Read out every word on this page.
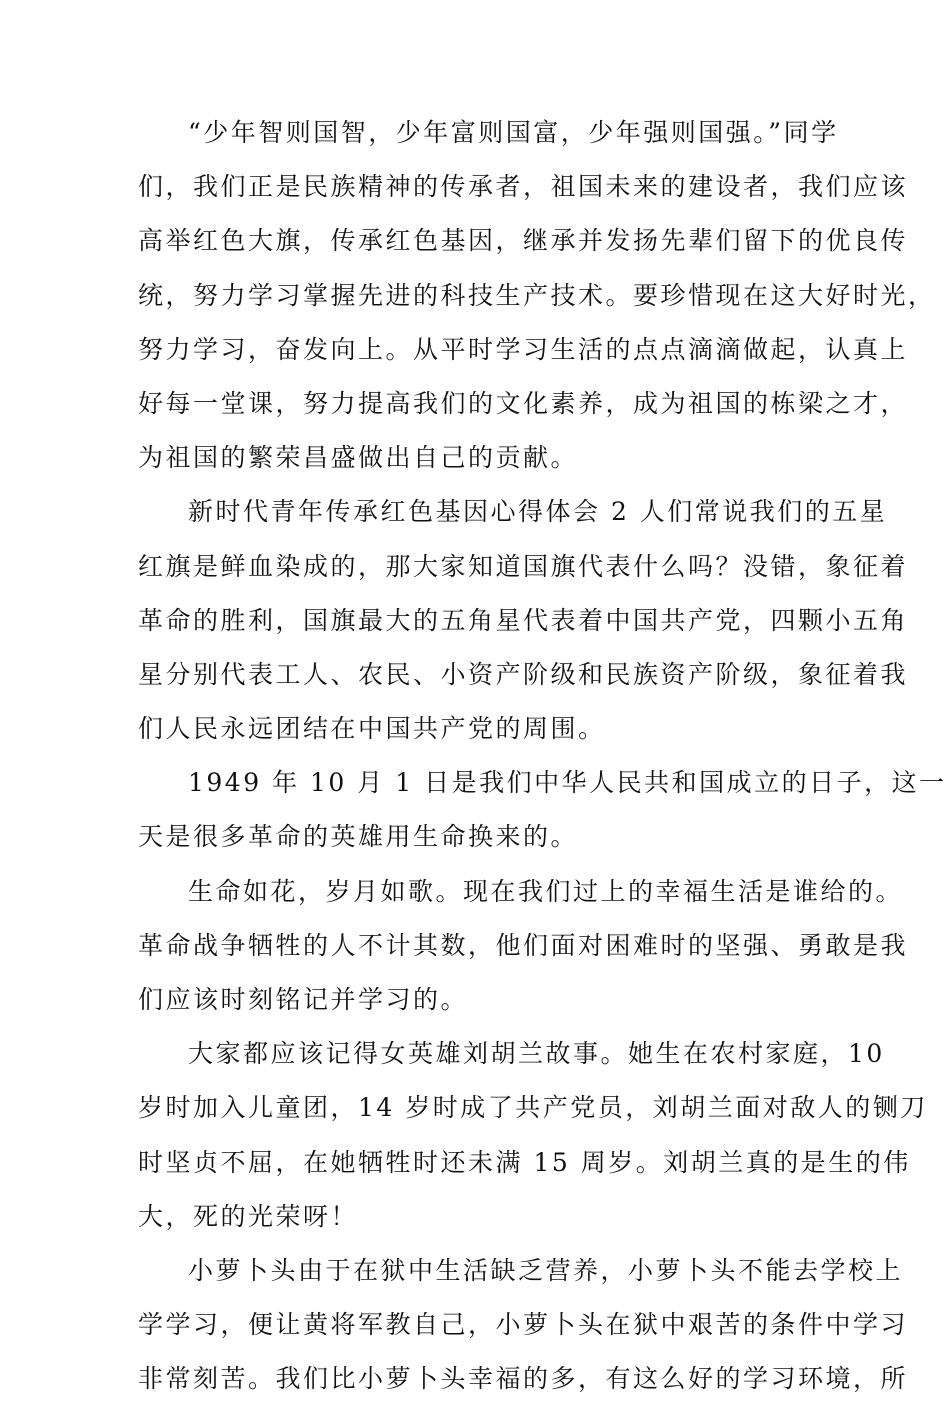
“少年智则国智，少年富则国富，少年强则国强。”同学
们，我们正是民族精神的传承者，祖国未来的建设者，我们应该
高举红色大旗，传承红色基因，继承并发扬先辈们留下的优良传
统，努力学习掌握先进的科技生产技术。要珍惜现在这大好时光，
努力学习，奋发向上。从平时学习生活的点点滴滴做起，认真上
好每一堂课，努力提高我们的文化素养，成为祖国的栋梁之才，
为祖国的繁荣昌盛做出自己的贡献。
新时代青年传承红色基因心得体会 2 人们常说我们的五星
红旗是鲜血染成的，那大家知道国旗代表什么吗？没错，象征着
革命的胜利，国旗最大的五角星代表着中国共产党，四颗小五角
星分别代表工人、农民、小资产阶级和民族资产阶级，象征着我
们人民永远团结在中国共产党的周围。
1949 年 10 月 1 日是我们中华人民共和国成立的日子，这一
天是很多革命的英雄用生命换来的。
生命如花，岁月如歌。现在我们过上的幸福生活是谁给的。
革命战争牺牲的人不计其数，他们面对困难时的坚强、勇敢是我
们应该时刻铭记并学习的。
大家都应该记得女英雄刘胡兰故事。她生在农村家庭，10
岁时加入儿童团，14 岁时成了共产党员，刘胡兰面对敌人的铡刀
时坚贞不屈，在她牺牲时还未满 15 周岁。刘胡兰真的是生的伟
大，死的光荣呀！
小萝卜头由于在狱中生活缺乏营养，小萝卜头不能去学校上
学学习，便让黄将军教自己，小萝卜头在狱中艰苦的条件中学习
非常刻苦。我们比小萝卜头幸福的多，有这么好的学习环境，所
